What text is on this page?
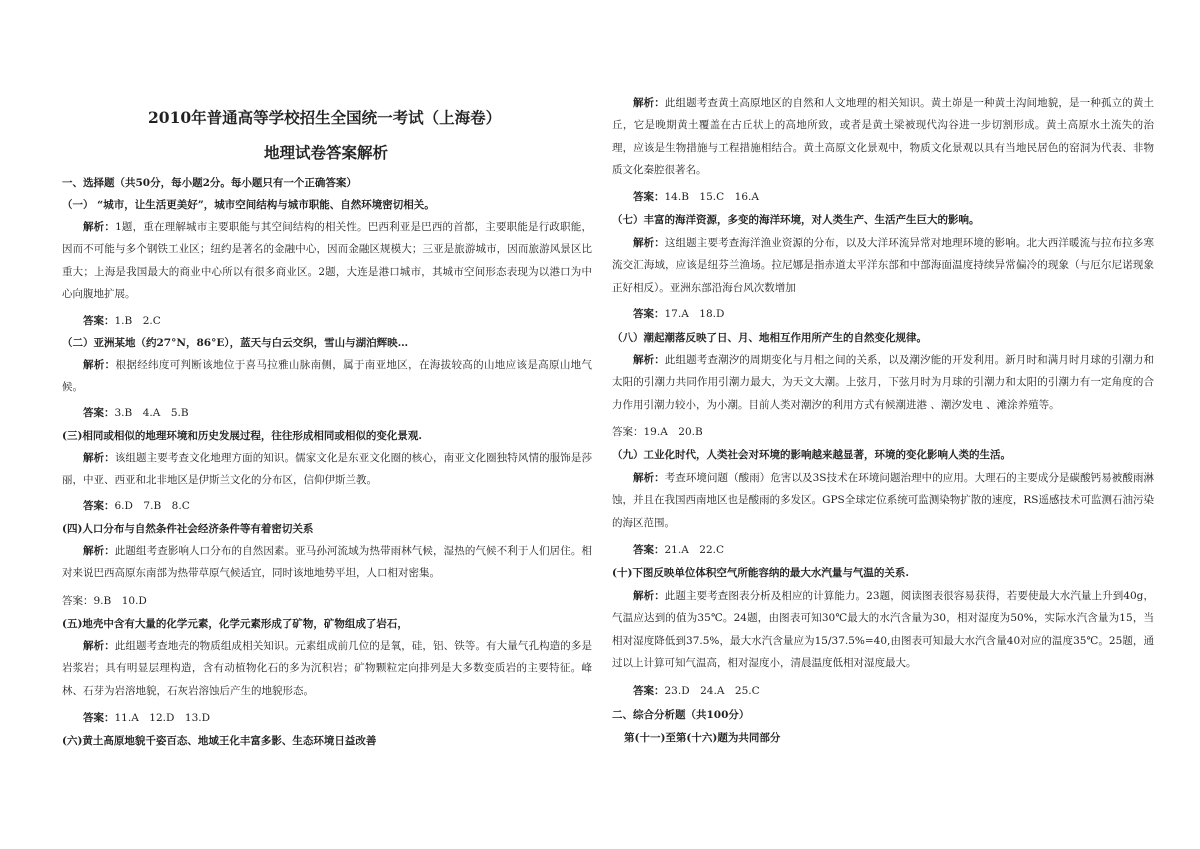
2010年普通高等学校招生全国统一考试（上海卷）
地理试卷答案解析
一、选择题（共50分，每小题2分。每小题只有一个正确答案）
（一） “城市，让生活更美好”，城市空间结构与城市职能、自然环境密切相关。
解析：1题，重在理解城市主要职能与其空间结构的相关性。巴西利亚是巴西的首都，主要职能是行政职能，因而不可能与多个钢铁工业区；纽约是著名的金融中心，因而金融区规模大；三亚是旅游城市，因而旅游风景区比重大；上海是我国最大的商业中心所以有很多商业区。2题，大连是港口城市，其城市空间形态表现为以港口为中心向腹地扩展。
答案：1.B　2.C
（二）亚洲某地（约27°N，86°E），蓝天与白云交织，雪山与湖泊辉映…
解析：根据经纬度可判断该地位于喜马拉雅山脉南侧，属于南亚地区，在海拔较高的山地应该是高原山地气候。
答案：3.B　4.A　5.B
(三)相同或相似的地理环境和历史发展过程，往往形成相同或相似的变化景观.
解析：该组题主要考查文化地理方面的知识。儒家文化是东亚文化圈的核心，南亚文化圈独特风情的服饰是莎丽，中亚、西亚和北非地区是伊斯兰文化的分布区，信仰伊斯兰教。
答案：6.D　7.B　8.C
(四)人口分布与自然条件社会经济条件等有着密切关系
解析：此题组考查影响人口分布的自然因素。亚马孙河流域为热带雨林气候，湿热的气候不利于人们居住。相对来说巴西高原东南部为热带草原气候适宜，同时该地地势平坦，人口相对密集。
答案：9.B　10.D
(五)地壳中含有大量的化学元素，化学元素形成了矿物，矿物组成了岩石，
解析：此组题考查地壳的物质组成相关知识。元素组成前几位的是氧，硅，铝、铁等。有大量气孔构造的多是岩浆岩；具有明显层理构造，含有动植物化石的多为沉积岩；矿物颗粒定向排列是大多数变质岩的主要特征。峰林、石芽为岩溶地貌，石灰岩溶蚀后产生的地貌形态。
答案：11.A　12.D　13.D
(六)黄土高原地貌千姿百态、地域王化丰富多影、生态环境日益改善
解析：此组题考查黄土高原地区的自然和人文地理的相关知识。黄土峁是一种黄土沟间地貌，是一种孤立的黄土丘，它是晚期黄土覆盖在古丘状上的高地所致，或者是黄土梁被现代沟谷进一步切割形成。黄土高原水土流失的治理，应该是生物措施与工程措施相结合。黄土高原文化景观中，物质文化景观以具有当地民居色的窑洞为代表、非物质文化秦腔很著名。
答案：14.B　15.C　16.A
（七）丰富的海洋资源，多变的海洋环境，对人类生产、生活产生巨大的影响。
解析：这组题主要考查海洋渔业资源的分布，以及大洋环流异常对地理环境的影响。北大西洋暖流与拉布拉多寒流交汇海域，应该是纽芬兰渔场。拉尼娜是指赤道太平洋东部和中部海面温度持续异常偏冷的现象（与厄尔尼诺现象正好相反）。亚洲东部沿海台风次数增加
答案：17.A　18.D
（八）潮起潮落反映了日、月、地相互作用所产生的自然变化规律。
解析：此组题考查潮汐的周期变化与月相之间的关系，以及潮汐能的开发利用。新月时和满月时月球的引潮力和太阳的引潮力共同作用引潮力最大，为天文大潮。上弦月，下弦月时为月球的引潮力和太阳的引潮力有一定角度的合力作用引潮力较小，为小潮。目前人类对潮汐的利用方式有候潮进港 、潮汐发电 、滩涂养殖等。
答案：19.A　20.B
（九）工业化时代，人类社会对环境的影响越来越显著，环境的变化影响人类的生活。
解析：考查环境问题（酸雨）危害以及3S技术在环境问题治理中的应用。大理石的主要成分是碳酸钙易被酸雨淋蚀，并且在我国西南地区也是酸雨的多发区。GPS全球定位系统可监测染物扩散的速度，RS遥感技术可监测石油污染的海区范围。
答案：21.A　22.C
(十)下图反映单位体积空气所能容纳的最大水汽量与气温的关系.
解析：此题主要考查图表分析及相应的计算能力。23题，阅读图表很容易获得，若要使最大水汽量上升到40g，气温应达到的值为35℃。24题，由图表可知30℃最大的水汽含量为30，相对湿度为50%，实际水汽含量为15，当相对湿度降低到37.5%，最大水汽含量应为15/37.5%=40,由图表可知最大水汽含量40对应的温度35℃。25题，通过以上计算可知气温高，相对湿度小，清晨温度低相对湿度最大。
答案：23.D　24.A　25.C
二、综合分析题（共100分）
第(十一)至第(十六)题为共同部分
